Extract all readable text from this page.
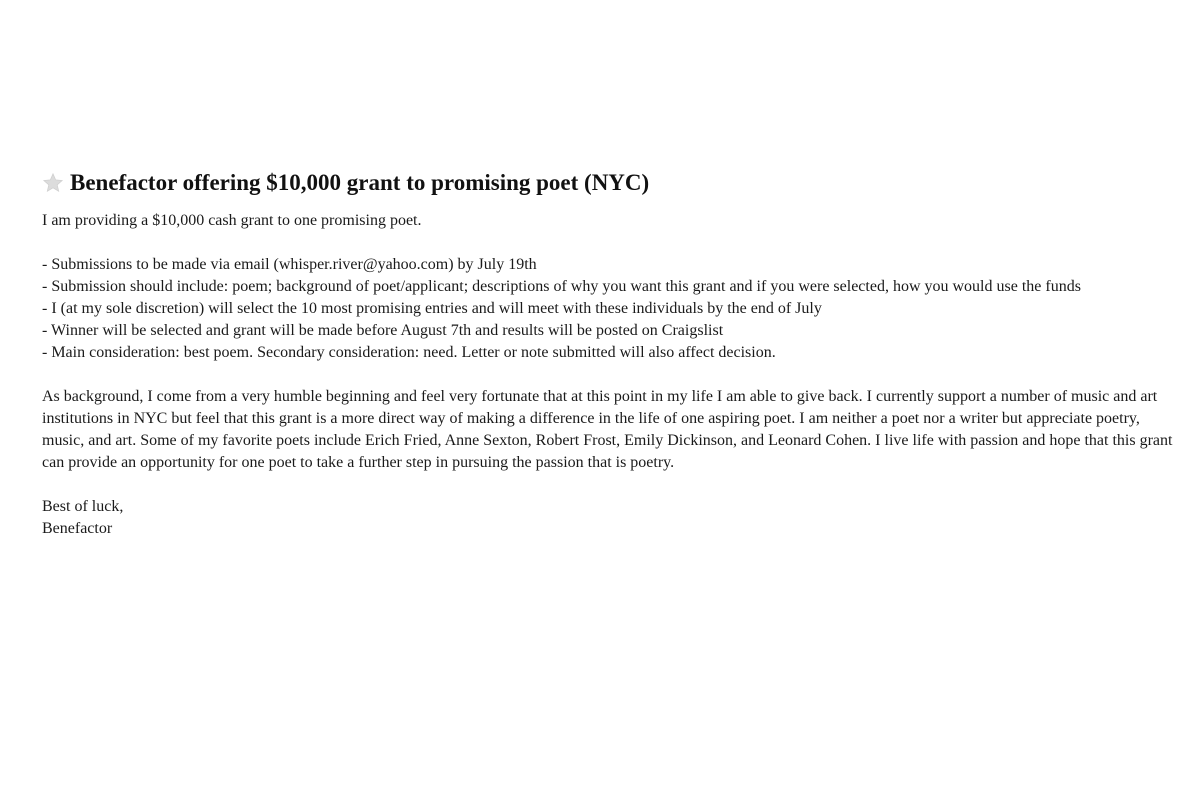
Benefactor offering $10,000 grant to promising poet (NYC)

I am providing a $10,000 cash grant to one promising poet.

- Submissions to be made via email (whisper.river@yahoo.com) by July 19th
- Submission should include: poem; background of poet/applicant; descriptions of why you want this grant and if you were selected, how you would use the funds
- I (at my sole discretion) will select the 10 most promising entries and will meet with these individuals by the end of July
- Winner will be selected and grant will be made before August 7th and results will be posted on Craigslist
- Main consideration: best poem. Secondary consideration: need. Letter or note submitted will also affect decision.

As background, I come from a very humble beginning and feel very fortunate that at this point in my life I am able to give back. I currently support a number of music and art institutions in NYC but feel that this grant is a more direct way of making a difference in the life of one aspiring poet. I am neither a poet nor a writer but appreciate poetry, music, and art. Some of my favorite poets include Erich Fried, Anne Sexton, Robert Frost, Emily Dickinson, and Leonard Cohen. I live life with passion and hope that this grant can provide an opportunity for one poet to take a further step in pursuing the passion that is poetry.

Best of luck,

Benefactor
